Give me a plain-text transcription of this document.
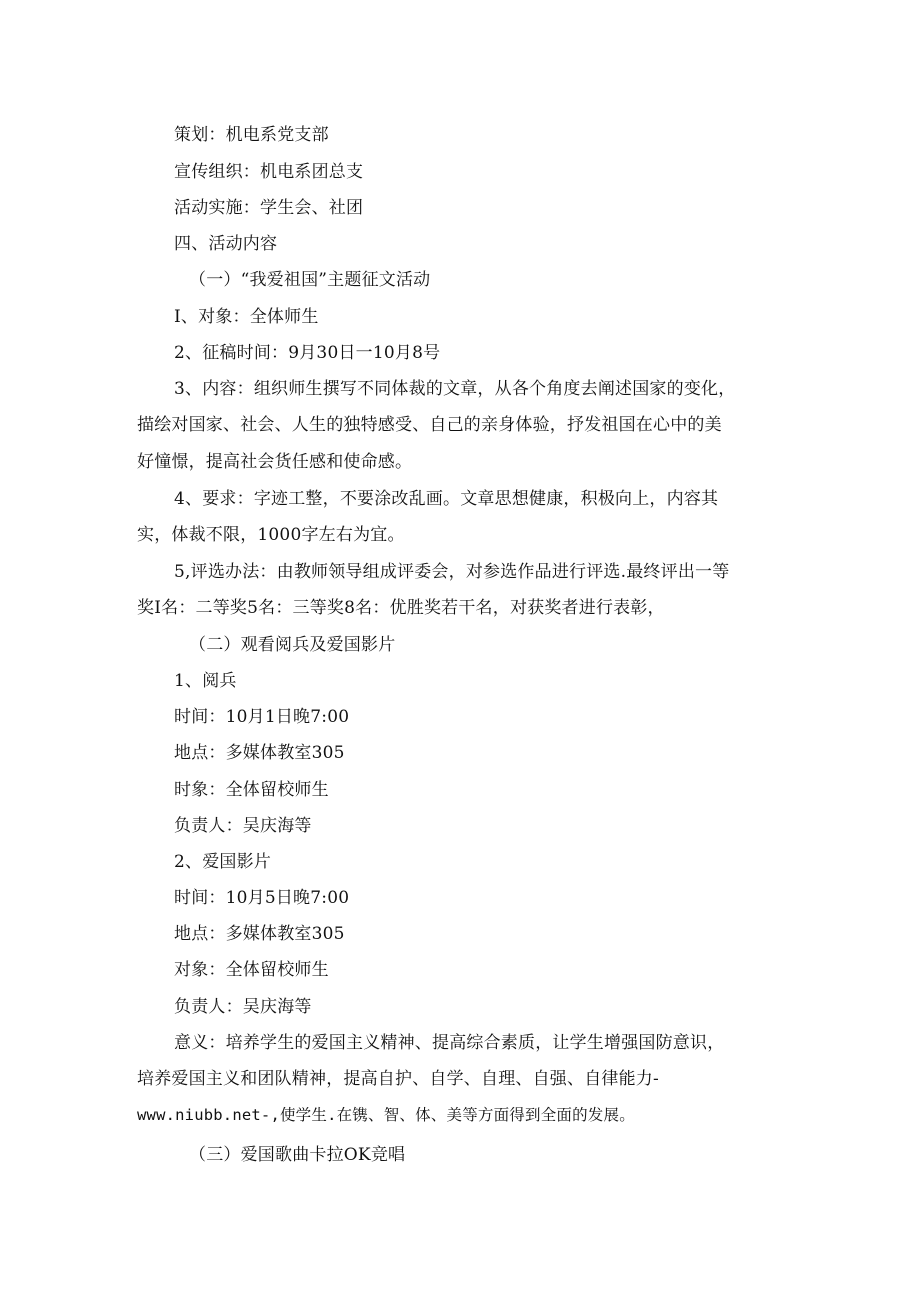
策划：机电系党支部
宣传组织：机电系团总支
活动实施：学生会、社团
四、活动内容
（一）“我爱祖国”主题征文活动
I、对象：全体师生
2、征稿时间：9月30日一10月8号
3、内容：组织师生撰写不同体裁的文章，从各个角度去阐述国家的变化，
描绘对国家、社会、人生的独特感受、自己的亲身体验，抒发祖国在心中的美
好憧憬，提高社会货任感和使命感。
4、要求：字迹工整，不要涂改乱画。文章思想健康，积极向上，内容其
实，体裁不限，1000字左右为宜。
5,评选办法：由教师领导组成评委会，对参选作品进行评选.最终评出一等
奖I名：二等奖5名：三等奖8名：优胜奖若干名，对获奖者进行表彰，
（二）观看阅兵及爱国影片
1、阅兵
时间：10月1日晚7:00
地点：多媒体教室305
时象：全体留校师生
负责人：吴庆海等
2、爱国影片
时间：10月5日晚7:00
地点：多媒体教室305
对象：全体留校师生
负责人：吴庆海等
意义：培养学生的爱国主义精神、提高综合素质，让学生增强国防意识，
培养爱国主义和团队精神，提高自护、自学、自理、自强、自律能力-
www.niubb.net-,使学生.在镌、智、体、美等方面得到全面的发展。
（三）爱国歌曲卡拉OK竞唱
